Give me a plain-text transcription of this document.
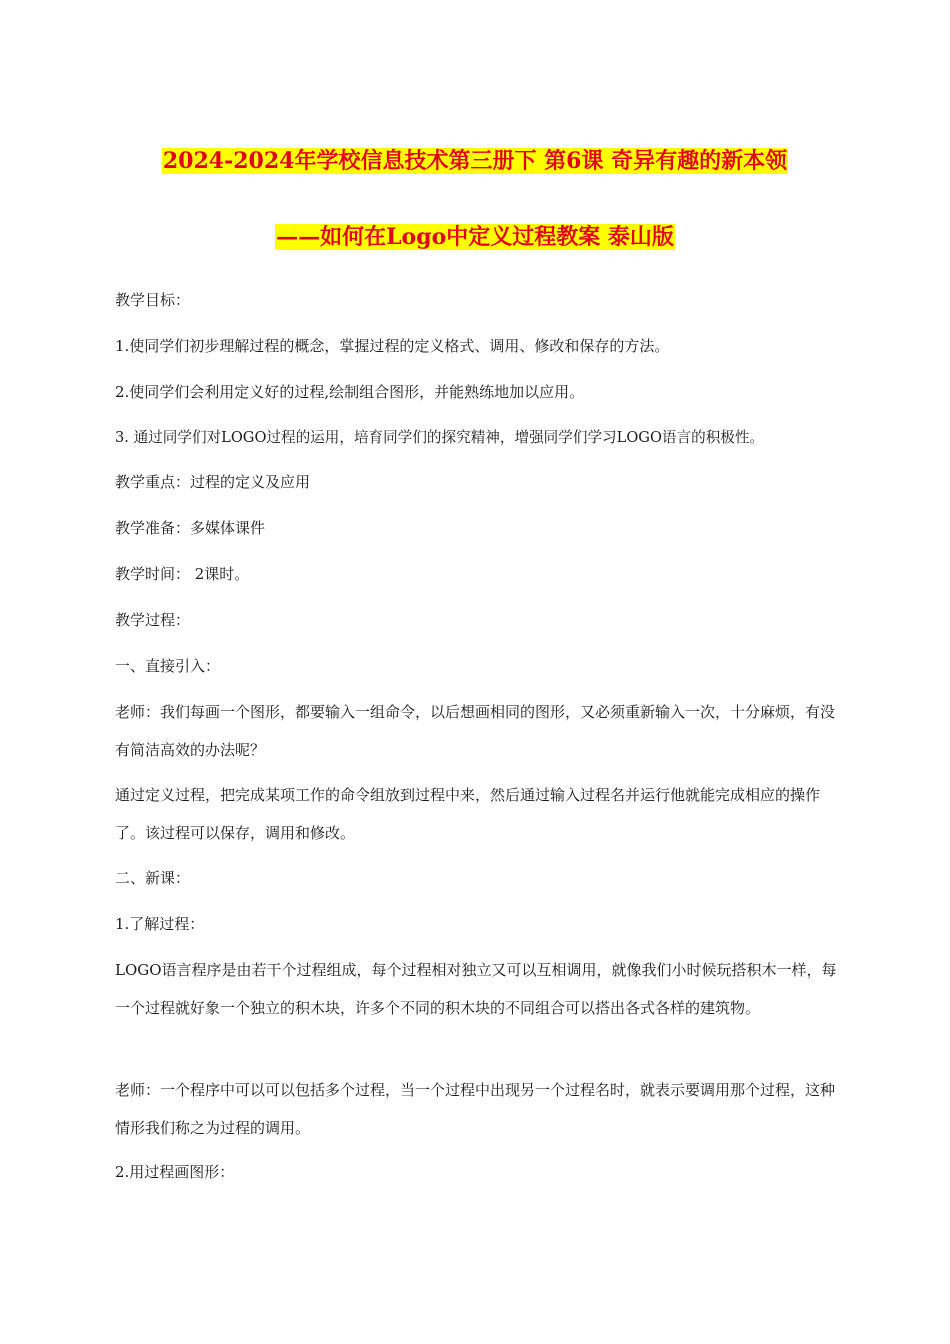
2024-2024年学校信息技术第三册下 第6课 奇异有趣的新本领
——如何在Logo中定义过程教案 泰山版
教学目标：
1.使同学们初步理解过程的概念，掌握过程的定义格式、调用、修改和保存的方法。
2.使同学们会利用定义好的过程,绘制组合图形，并能熟练地加以应用。
3. 通过同学们对LOGO过程的运用，培育同学们的探究精神，增强同学们学习LOGO语言的积极性。
教学重点：过程的定义及应用
教学准备：多媒体课件
教学时间： 2课时。
教学过程：
一、直接引入：
老师：我们每画一个图形，都要输入一组命令，以后想画相同的图形，又必须重新输入一次，十分麻烦，有没有简洁高效的办法呢？
通过定义过程，把完成某项工作的命令组放到过程中来，然后通过输入过程名并运行他就能完成相应的操作了。该过程可以保存，调用和修改。
二、新课：
1.了解过程：
LOGO语言程序是由若干个过程组成，每个过程相对独立又可以互相调用，就像我们小时候玩搭积木一样，每一个过程就好象一个独立的积木块，许多个不同的积木块的不同组合可以搭出各式各样的建筑物。
老师：一个程序中可以可以包括多个过程，当一个过程中出现另一个过程名时，就表示要调用那个过程，这种情形我们称之为过程的调用。
2.用过程画图形：
